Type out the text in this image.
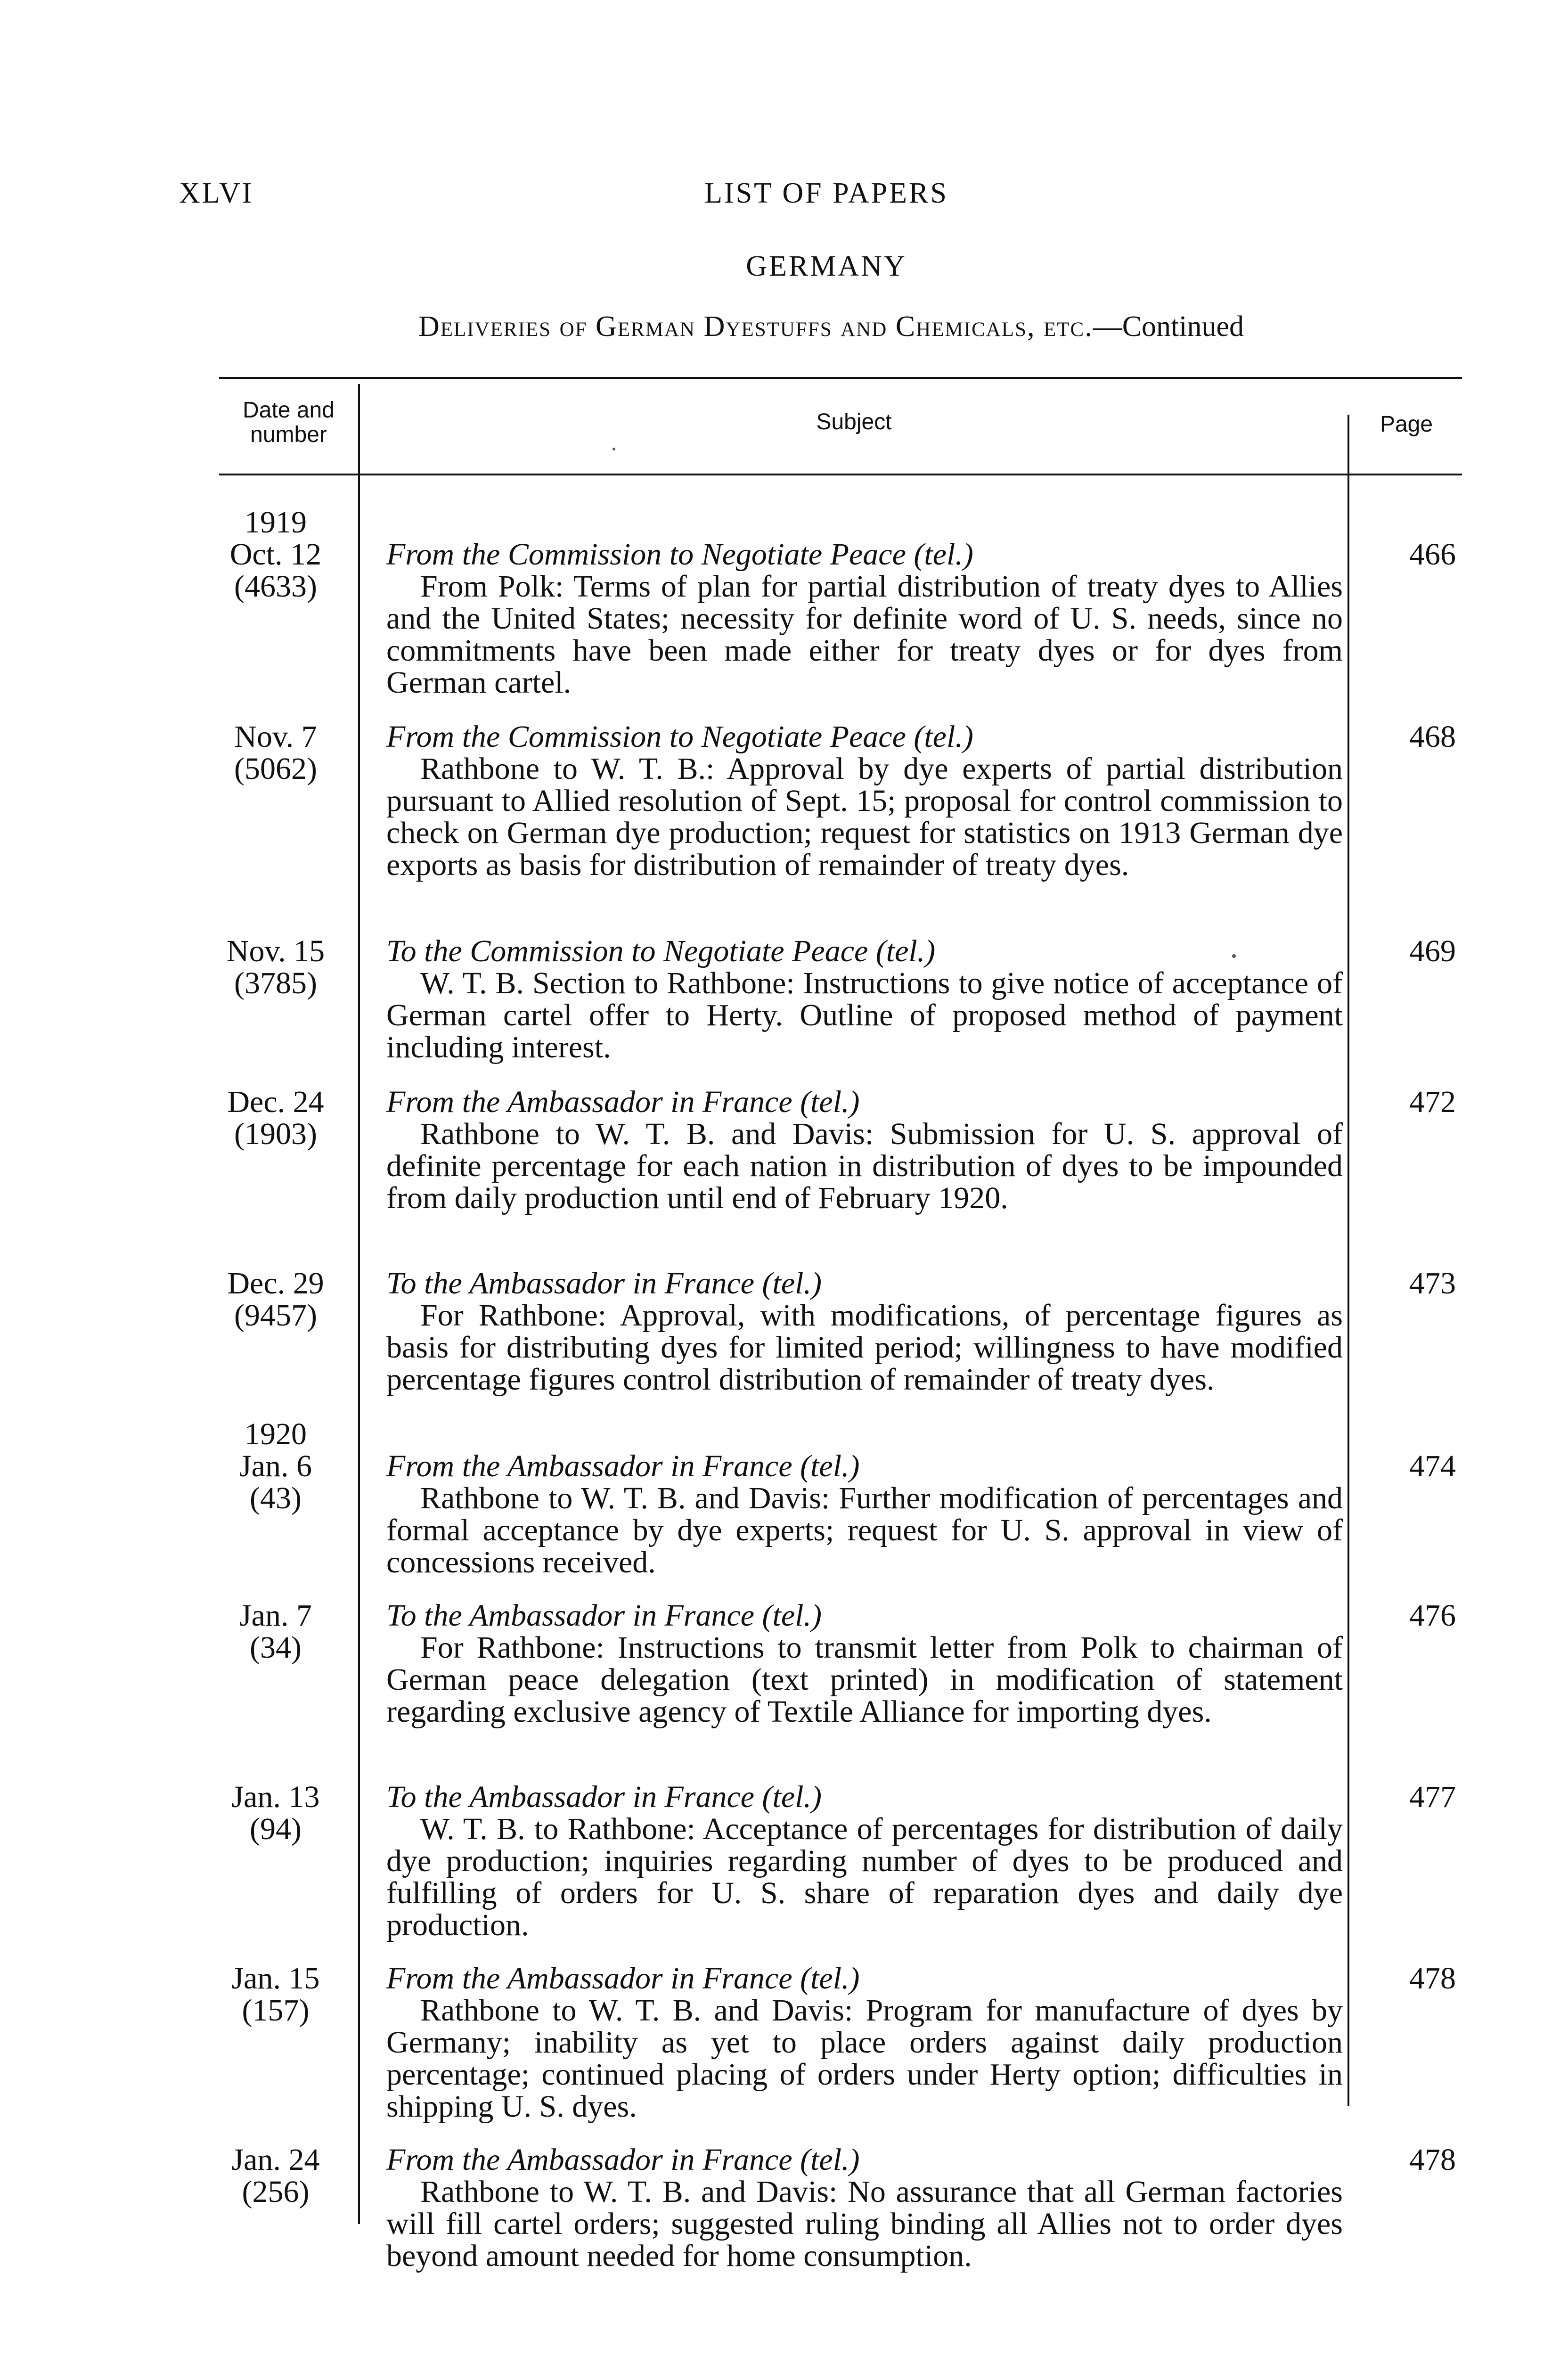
XLVI	LIST OF PAPERS
GERMANY
Deliveries of German Dyestuffs and Chemicals, etc.—Continued
Date and
number
Subject	Page
1919
Oct. 12
(4633)
From the Commission to Negotiate Peace (tel.)
From Polk: Terms of plan for partial distribution of treaty dyes to Allies and the United States; necessity for definite word of U. S. needs, since no commitments have been made either for treaty dyes or for dyes from German cartel.
466
Nov. 7
(5062)
From the Commission to Negotiate Peace (tel.)
Rathbone to W. T. B.: Approval by dye experts of partial distribution pursuant to Allied resolution of Sept. 15; proposal for control commission to check on German dye production; request for statistics on 1913 German dye exports as basis for distribution of remainder of treaty dyes.
468
Nov. 15
(3785)
To the Commission to Negotiate Peace (tel.)
W. T. B. Section to Rathbone: Instructions to give notice of acceptance of German cartel offer to Herty. Outline of proposed method of payment including interest.
469
Dec. 24
(1903)
From the Ambassador in France (tel.)
Rathbone to W. T. B. and Davis: Submission for U. S. approval of definite percentage for each nation in distribution of dyes to be impounded from daily production until end of February 1920.
472
Dec. 29
(9457)
To the Ambassador in France (tel.)
For Rathbone: Approval, with modifications, of percentage figures as basis for distributing dyes for limited period; willingness to have modified percentage figures control distribution of remainder of treaty dyes.
473
1920
Jan. 6
(43)
From the Ambassador in France (tel.)
Rathbone to W. T. B. and Davis: Further modification of percentages and formal acceptance by dye experts; request for U. S. approval in view of concessions received.
474
Jan. 7
(34)
To the Ambassador in France (tel.)
For Rathbone: Instructions to transmit letter from Polk to chairman of German peace delegation (text printed) in modification of statement regarding exclusive agency of Textile Alliance for importing dyes.
476
Jan. 13
(94)
To the Ambassador in France (tel.)
W. T. B. to Rathbone: Acceptance of percentages for distribution of daily dye production; inquiries regarding number of dyes to be produced and fulfilling of orders for U. S. share of reparation dyes and daily dye production.
477
Jan. 15
(157)
From the Ambassador in France (tel.)
Rathbone to W. T. B. and Davis: Program for manufacture of dyes by Germany; inability as yet to place orders against daily production percentage; continued placing of orders under Herty option; difficulties in shipping U. S. dyes.
478
Jan. 24
(256)
From the Ambassador in France (tel.)
Rathbone to W. T. B. and Davis: No assurance that all German factories will fill cartel orders; suggested ruling binding all Allies not to order dyes beyond amount needed for home consumption.
478
